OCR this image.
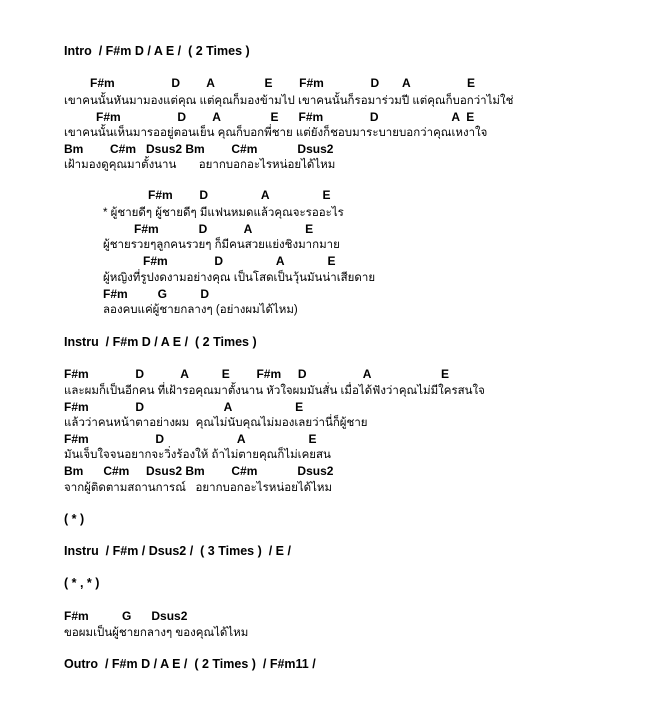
Intro  / F#m D / A E /  ( 2 Times )

F#m                 D        A               E        F#m              D       A                 E

เขาคนนั้นหันมามองแต่คุณ แต่คุณก็มองข้ามไป เขาคนนั้นก็รอมาร่วมปี แต่คุณก็บอกว่าไม่ใช่

F#m                 D        A               E      F#m              D                      A  E

เขาคนนั้นเห็นมารออยู่ตอนเย็น คุณก็บอกพี่ชาย แต่ยังก็ชอบมาระบายบอกว่าคุณเหงาใจ

Bm        C#m   Dsus2 Bm        C#m            Dsus2

เฝ้ามองดูคุณมาตั้งนาน       อยากบอกอะไรหน่อยได้ไหม

F#m        D                A                E

* ผู้ชายดีๆ ผู้ชายดีๆ มีแฟนหมดแล้วคุณจะรออะไร

F#m            D           A                E

ผู้ชายรวยๆลูกคนรวยๆ ก็มีคนสวยแย่งชิงมากมาย

F#m              D                A             E

ผู้หญิงที่รูปงดงามอย่างคุณ เป็นโสดเป็นวุ้นมันน่าเสียดาย

F#m         G          D

ลองคบแค่ผู้ชายกลางๆ (อย่างผมได้ไหม)

Instru  / F#m D / A E /  ( 2 Times )

F#m              D           A          E        F#m     D                 A                     E

และผมก็เป็นอีกคน ที่เฝ้ารอคุณมาตั้งนาน หัวใจผมมันสั่น เมื่อได้ฟังว่าคุณไม่มีใครสนใจ

F#m              D                        A                   E

แล้วว่าคนหน้าตาอย่างผม  คุณไม่นับคุณไม่มองเลยว่านี่ก็ผู้ชาย

F#m                    D                      A                   E

มันเจ็บใจจนอยากจะวิ่งร้องให้ ถ้าไม่ตายคุณก็ไม่เคยสน

Bm      C#m     Dsus2 Bm        C#m            Dsus2

จากผู้ติดตามสถานการณ์   อยากบอกอะไรหน่อยได้ไหม

( * )

Instru  / F#m / Dsus2 /  ( 3 Times )  / E /

( * , * )

F#m          G      Dsus2

ขอผมเป็นผู้ชายกลางๆ ของคุณได้ไหม

Outro  / F#m D / A E /  ( 2 Times )  / F#m11 /
